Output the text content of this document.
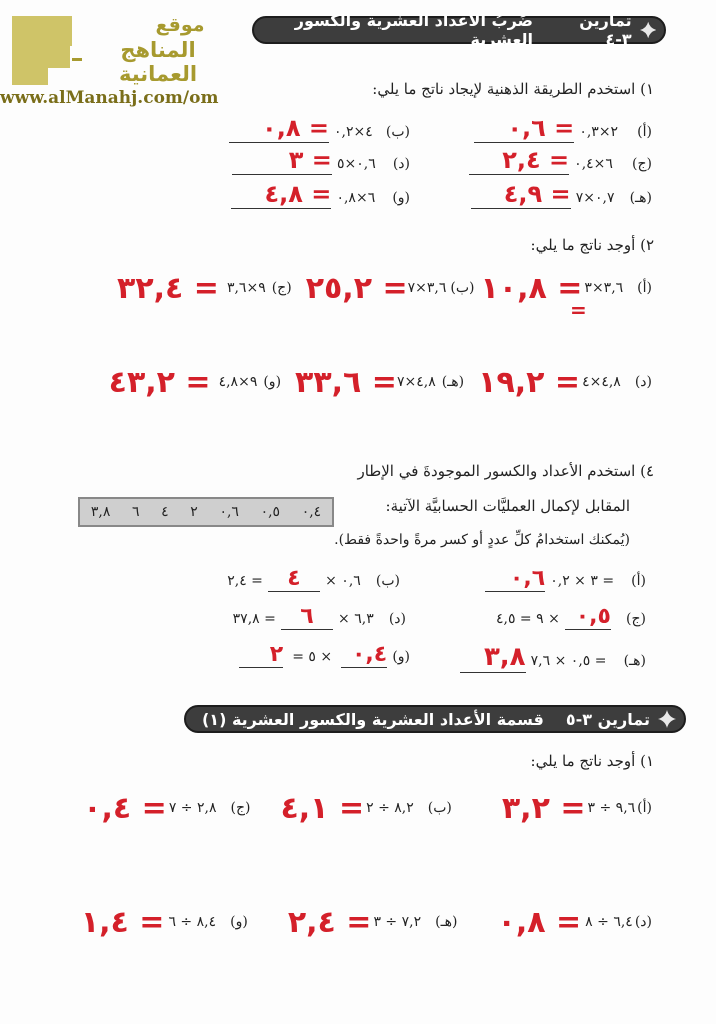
موقع
المناهج العمانية
www.alManahj.com/om
تمارين ٣-٤
ضَربُ الأعداد العشرية والكسور العشرية
١) استخدم الطريقة الذهنية لإيجاد ناتج ما يلي:
(أ) ٢×٠,٣ = ٠,٦
(ج) ٦×٠,٤ = ٢,٤
(هـ) ٠,٧×٧ = ٤,٩
(ب) ٤×٠,٢ = ٠,٨
(د) ٠,٦×٥ = ٣
(و) ٦×٠,٨ = ٤,٨
٢) أوجد ناتج ما يلي:
(أ)
٣,٦×٣
= ١٠,٨
(ب)
٣,٦×٧
= ٢٥,٢
(ج)
٩×٣,٦
= ٣٢,٤
=
(د)
٤,٨×٤
= ١٩,٢
(هـ)
٤,٨×٧
= ٣٣,٦
(و)
٩×٤,٨
= ٤٣,٢
٤) استخدم الأعداد والكسور الموجودةَ في الإطار
المقابل لإكمال العمليَّات الحسابيَّة الآتية:
(يُمكنك استخدامُ كلِّ عددٍ أو كسر مرةً واحدةً فقط).
٠,٤
٠,٥
٠,٦
٢
٤
٦
٣,٨
(أ) = ٣ × ٠,٢ ٠,٦
(ج) ٠,٥ × ٩ = ٤,٥
(هـ) = ٠,٥ × ٧,٦ ٣,٨
(ب) ٠,٦ × ٤ = ٢,٤
(د) ٦,٣ × ٦ = ٣٧,٨
(و) ٠,٤ × ٥ = ٢
تمارين ٣-٥
قسمة الأعداد العشرية والكسور العشرية (١)
١) أوجد ناتج ما يلي:
(أ)
٩,٦ ÷ ٣
= ٣,٢
(ب)
٨,٢ ÷ ٢
= ٤,١
(ج)
٢,٨ ÷ ٧
= ٠,٤
(د)
٦,٤ ÷ ٨
= ٠,٨
(هـ)
٧,٢ ÷ ٣
= ٢,٤
(و)
٨,٤ ÷ ٦
= ١,٤
